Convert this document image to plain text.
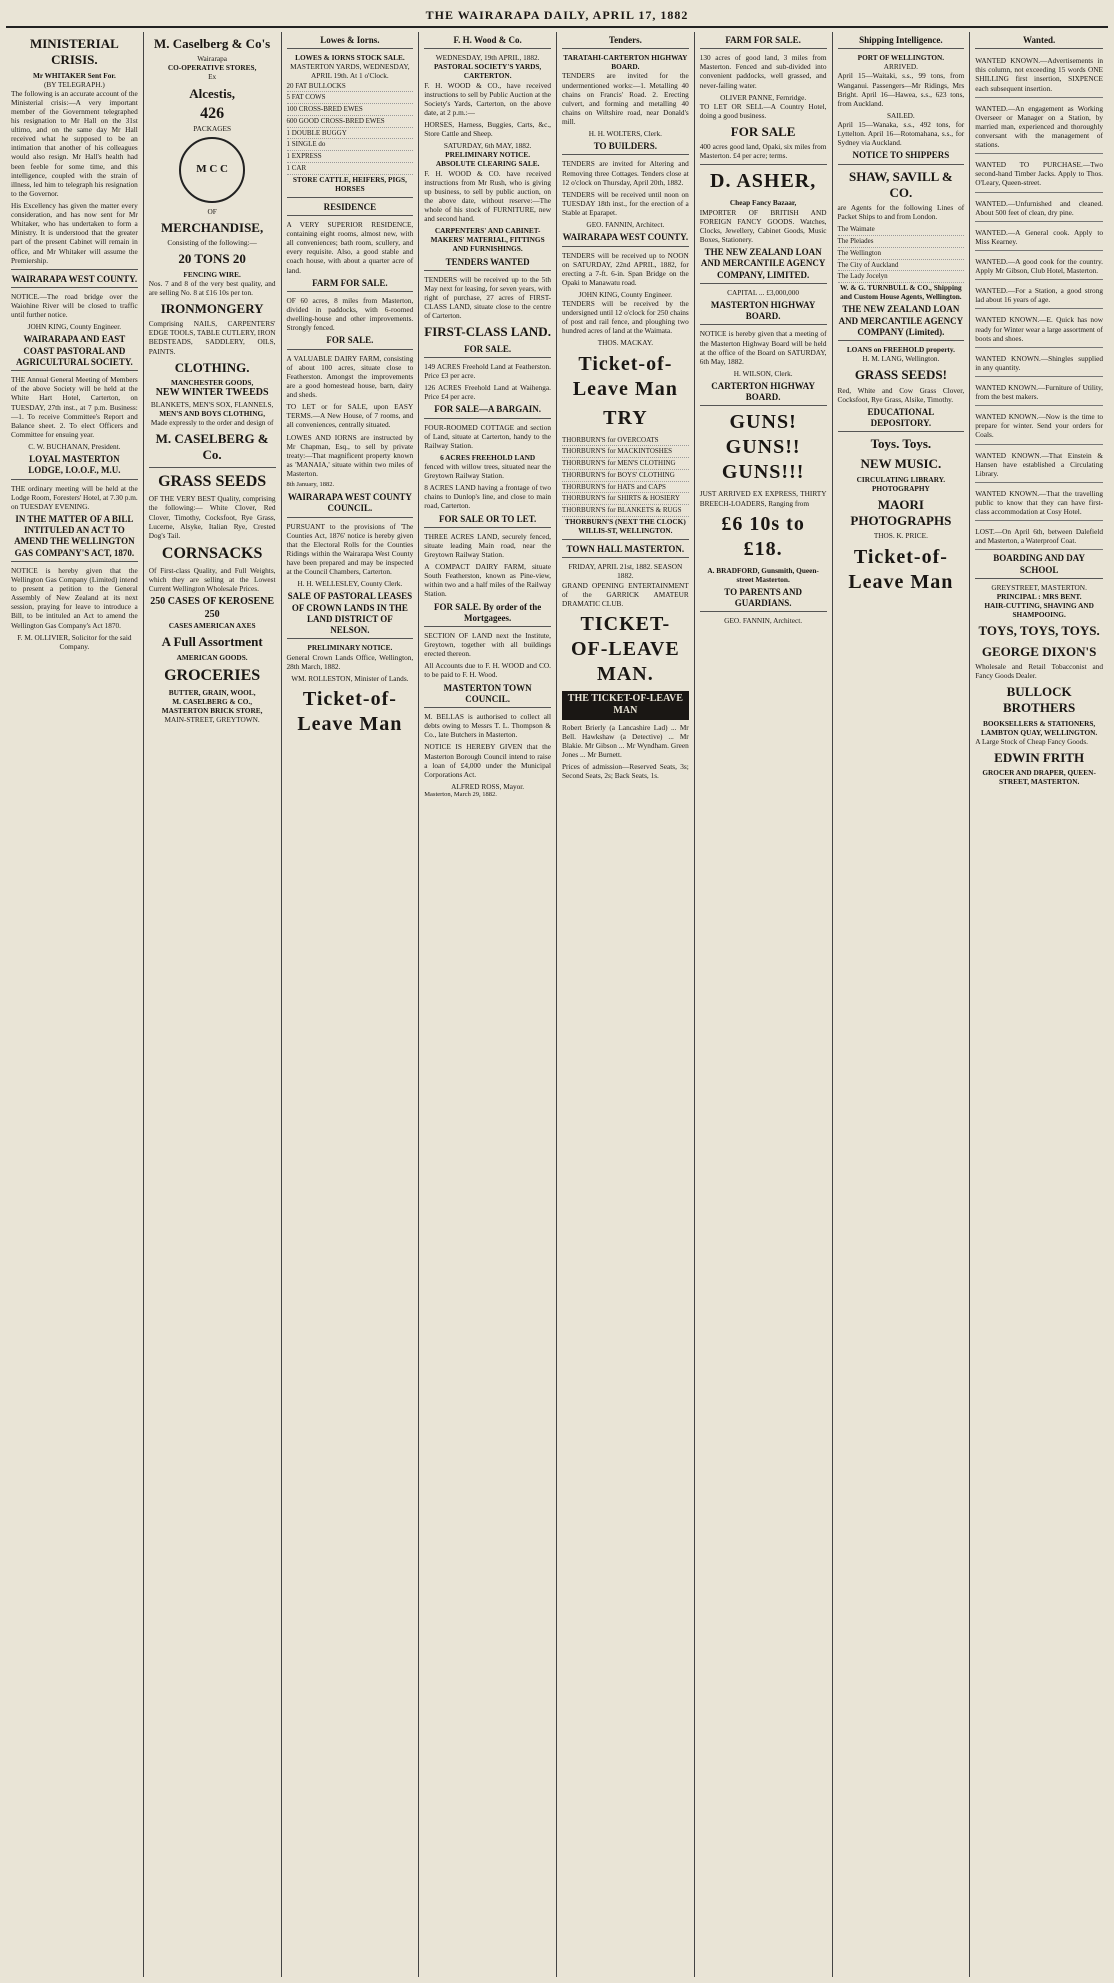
THE WAIRARAPA DAILY, APRIL 17, 1882
MINISTERIAL CRISIS.
Mr WHITAKER Sent For.
(BY TELEGRAPH.)

The following is an accurate account of the Ministerial crisis:—A very important member of the Government telegraphed his resignation to Mr Hall on the 31st ultimo, and on the same day Mr Hall received what he supposed to be an intimation that another of his colleagues would also resign. Mr Hall's health had been feeble for some time, and this intelligence, coupled with the strain of illness, led him to telegraph his resignation to the Governor.

His Excellency has given the matter every consideration, and has now sent for Mr Whitaker, who has undertaken to form a Ministry. It is understood that the greater part of the present Cabinet will remain in office, and Mr Whitaker will assume the Premiership.

WAIRARAPA WEST COUNTY.

NOTICE.—The road bridge over the Waiohine River will be closed to traffic until further notice.

JOHN KING, County Engineer.
WAIRARAPA AND EAST COAST PASTORAL AND AGRICULTURAL SOCIETY.

THE Annual General Meeting of Members of the above Society will be held at the White Hart Hotel, Carterton, on TUESDAY, 27th inst., at 7 p.m. Business:—1. To receive Committee's Report and Balance sheet. 2. To elect Officers and Committee for ensuing year.

C. W. BUCHANAN, President.
LOYAL MASTERTON LODGE, I.O.O.F., M.U.

THE ordinary meeting will be held at the Lodge Room, Foresters' Hotel, at 7.30 p.m. on TUESDAY EVENING.

IN THE MATTER OF A BILL INTITULED AN ACT TO AMEND THE WELLINGTON GAS COMPANY'S ACT, 1870.

NOTICE is hereby given that the Wellington Gas Company (Limited) intend to present a petition to the General Assembly of New Zealand at its next session, praying for leave to introduce a Bill, to be intituled an Act to amend the Wellington Gas Company's Act 1870.

F. M. OLLIVIER, Solicitor for the said Company.
M. Caselberg & Co's
Wairarapa
CO-OPERATIVE STORES,
Ex
Alcestis,
426
PACKAGES
M C C
OF
MERCHANDISE,
Consisting of the following:—
20 TONS 20
FENCING WIRE.

Nos. 7 and 8 of the very best quality, and are selling No. 8 at £16 10s per ton.

IRONMONGERY

Comprising NAILS, CARPENTERS' EDGE TOOLS, TABLE CUTLERY, IRON BEDSTEADS, SADDLERY, OILS, PAINTS.

CLOTHING.
MANCHESTER GOODS,
NEW WINTER TWEEDS
BLANKETS, MEN'S SOX, FLANNELS,
MEN'S AND BOYS CLOTHING,
Made expressly to the order and design of
M. CASELBERG & Co.
GRASS SEEDS

OF THE VERY BEST Quality, comprising the following:— White Clover, Red Clover, Timothy, Cocksfoot, Rye Grass, Lucerne, Alsyke, Italian Rye, Crested Dog's Tail.

CORNSACKS

Of First-class Quality, and Full Weights, which they are selling at the Lowest Current Wellington Wholesale Prices.

250 CASES OF KEROSENE 250
CASES AMERICAN AXES
A Full Assortment
AMERICAN GOODS.
GROCERIES
BUTTER, GRAIN, WOOL,
M. CASELBERG & CO., MASTERTON BRICK STORE,
MAIN-STREET, GREYTOWN.
Lowes & Iorns.
LOWES & IORNS STOCK SALE.
MASTERTON YARDS, WEDNESDAY, APRIL 19th. At 1 o'Clock.
20 FAT BULLOCKS
5 FAT COWS
100 CROSS-BRED EWES
600 GOOD CROSS-BRED EWES
1 DOUBLE BUGGY
1 SINGLE do
1 EXPRESS
1 CAR
STORE CATTLE, HEIFERS, PIGS, HORSES
RESIDENCE

A VERY SUPERIOR RESIDENCE, containing eight rooms, almost new, with all conveniences; bath room, scullery, and every requisite. Also, a good stable and coach house, with about a quarter acre of land.

FARM FOR SALE.

OF 60 acres, 8 miles from Masterton, divided in paddocks, with 6-roomed dwelling-house and other improvements. Strongly fenced.

FOR SALE.

A VALUABLE DAIRY FARM, consisting of about 100 acres, situate close to Featherston. Amongst the improvements are a good homestead house, barn, dairy and sheds.

TO LET or for SALE, upon EASY TERMS.—A New House, of 7 rooms, and all conveniences, centrally situated.

LOWES AND IORNS are instructed by Mr Chapman, Esq., to sell by private treaty:—That magnificent property known as 'MANAIA,' situate within two miles of Masterton.

8th January, 1882.
WAIRARAPA WEST COUNTY COUNCIL.

PURSUANT to the provisions of 'The Counties Act, 1876' notice is hereby given that the Electoral Rolls for the Counties Ridings within the Wairarapa West County have been prepared and may be inspected at the Council Chambers, Carterton.

H. H. WELLESLEY, County Clerk.
SALE OF PASTORAL LEASES OF CROWN LANDS IN THE LAND DISTRICT OF NELSON.
PRELIMINARY NOTICE.

General Crown Lands Office, Wellington, 28th March, 1882.

WM. ROLLESTON, Minister of Lands.
Ticket-of-Leave Man
F. H. Wood & Co.
WEDNESDAY, 19th APRIL, 1882.
PASTORAL SOCIETY'S YARDS, CARTERTON.

F. H. WOOD & CO., have received instructions to sell by Public Auction at the Society's Yards, Carterton, on the above date, at 2 p.m.:—

HORSES, Harness, Buggies, Carts, &c., Store Cattle and Sheep.

SATURDAY, 6th MAY, 1882.
PRELIMINARY NOTICE.
ABSOLUTE CLEARING SALE.

F. H. WOOD & CO. have received instructions from Mr Rush, who is giving up business, to sell by public auction, on the above date, without reserve:—The whole of his stock of FURNITURE, new and second hand.

CARPENTERS' AND CABINET-MAKERS' MATERIAL, FITTINGS AND FURNISHINGS.
TENDERS WANTED

TENDERS will be received up to the 5th May next for leasing, for seven years, with right of purchase, 27 acres of FIRST-CLASS LAND, situate close to the centre of Carterton.

FIRST-CLASS LAND.
FOR SALE.

149 ACRES Freehold Land at Featherston. Price £3 per acre.

126 ACRES Freehold Land at Waihenga. Price £4 per acre.

FOR SALE—A BARGAIN.

FOUR-ROOMED COTTAGE and section of Land, situate at Carterton, handy to the Railway Station.

6 ACRES FREEHOLD LAND

fenced with willow trees, situated near the Greytown Railway Station.

8 ACRES LAND having a frontage of two chains to Dunlop's line, and close to main road, Carterton.

FOR SALE OR TO LET.

THREE ACRES LAND, securely fenced, situate leading Main road, near the Greytown Railway Station.

A COMPACT DAIRY FARM, situate South Featherston, known as Pine-view, within two and a half miles of the Railway Station.

FOR SALE. By order of the Mortgagees.

SECTION OF LAND next the Institute, Greytown, together with all buildings erected thereon.

All Accounts due to F. H. WOOD and CO. to be paid to F. H. Wood.

MASTERTON TOWN COUNCIL.

M. BELLAS is authorised to collect all debts owing to Messrs T. L. Thompson & Co., late Butchers in Masterton.

NOTICE IS HEREBY GIVEN that the Masterton Borough Council intend to raise a loan of £4,000 under the Municipal Corporations Act.

ALFRED ROSS, Mayor.
Masterton, March 29, 1882.
Tenders.
TARATAHI-CARTERTON HIGHWAY BOARD.

TENDERS are invited for the undermentioned works:—1. Metalling 40 chains on Francis' Road. 2. Erecting culvert, and forming and metalling 40 chains on Wiltshire road, near Donald's mill.

H. H. WOLTERS, Clerk.
TO BUILDERS.

TENDERS are invited for Altering and Removing three Cottages. Tenders close at 12 o'clock on Thursday, April 20th, 1882.

TENDERS will be received until noon on TUESDAY 18th inst., for the erection of a Stable at Eparapet.

GEO. FANNIN, Architect.
WAIRARAPA WEST COUNTY.

TENDERS will be received up to NOON on SATURDAY, 22nd APRIL, 1882, for erecting a 7-ft. 6-in. Span Bridge on the Opaki to Manawatu road.

JOHN KING, County Engineer.

TENDERS will be received by the undersigned until 12 o'clock for 250 chains of post and rail fence, and ploughing two hundred acres of land at the Waimata.

THOS. MACKAY.
Ticket-of-Leave Man
TRY
THORBURN'S for OVERCOATS
THORBURN'S for MACKINTOSHES
THORBURN'S for MEN'S CLOTHING
THORBURN'S for BOYS' CLOTHING
THORBURN'S for HATS and CAPS
THORBURN'S for SHIRTS & HOSIERY
THORBURN'S for BLANKETS & RUGS
THORBURN'S (NEXT THE CLOCK) WILLIS-ST, WELLINGTON.
TOWN HALL MASTERTON.
FRIDAY, APRIL 21st, 1882. SEASON 1882.

GRAND OPENING ENTERTAINMENT of the GARRICK AMATEUR DRAMATIC CLUB.

TICKET-OF-LEAVE MAN.
THE TICKET-OF-LEAVE MAN

Robert Brierly (a Lancashire Lad) ... Mr Bell. Hawkshaw (a Detective) ... Mr Blakie. Mr Gibson ... Mr Wyndham. Green Jones ... Mr Burnett.

Prices of admission—Reserved Seats, 3s; Second Seats, 2s; Back Seats, 1s.

FARM FOR SALE.

130 acres of good land, 3 miles from Masterton. Fenced and sub-divided into convenient paddocks, well grassed, and never-failing water.

OLIVER PANNE, Fernridge.

TO LET OR SELL—A Country Hotel, doing a good business.

FOR SALE

400 acres good land, Opaki, six miles from Masterton. £4 per acre; terms.

D. ASHER,
Cheap Fancy Bazaar,

IMPORTER OF BRITISH AND FOREIGN FANCY GOODS. Watches, Clocks, Jewellery, Cabinet Goods, Music Boxes, Stationery.

THE NEW ZEALAND LOAN AND MERCANTILE AGENCY COMPANY, LIMITED.
CAPITAL ... £3,000,000
MASTERTON HIGHWAY BOARD.

NOTICE is hereby given that a meeting of the Masterton Highway Board will be held at the office of the Board on SATURDAY, 6th May, 1882.

H. WILSON, Clerk.
CARTERTON HIGHWAY BOARD.
GUNS! GUNS!! GUNS!!!

JUST ARRIVED EX EXPRESS, THIRTY BREECH-LOADERS, Ranging from

£6 10s to £18.
A. BRADFORD, Gunsmith, Queen-street Masterton.
TO PARENTS AND GUARDIANS.
GEO. FANNIN, Architect.
Shipping Intelligence.
PORT OF WELLINGTON.
ARRIVED.

April 15—Waitaki, s.s., 99 tons, from Wanganui. Passengers—Mr Ridings, Mrs Bright. April 16—Hawea, s.s., 623 tons, from Auckland.

SAILED.

April 15—Wanaka, s.s., 492 tons, for Lyttelton. April 16—Rotomahana, s.s., for Sydney via Auckland.

NOTICE TO SHIPPERS
SHAW, SAVILL & CO.

are Agents for the following Lines of Packet Ships to and from London.

The Waimate
The Pleiades
The Wellington
The City of Auckland
The Lady Jocelyn
W. & G. TURNBULL & CO., Shipping and Custom House Agents, Wellington.
THE NEW ZEALAND LOAN AND MERCANTILE AGENCY COMPANY (Limited).
LOANS on FREEHOLD property.
H. M. LANG, Wellington.
GRASS SEEDS!

Red, White and Cow Grass Clover, Cocksfoot, Rye Grass, Alsike, Timothy.

EDUCATIONAL DEPOSITORY.
Toys. Toys.
NEW MUSIC.
CIRCULATING LIBRARY.
PHOTOGRAPHY
MAORI PHOTOGRAPHS
THOS. K. PRICE.
Ticket-of-Leave Man
Wanted.

WANTED KNOWN.—Advertisements in this column, not exceeding 15 words ONE SHILLING first insertion, SIXPENCE each subsequent insertion.

WANTED.—An engagement as Working Overseer or Manager on a Station, by married man, experienced and thoroughly conversant with the management of stations.

WANTED TO PURCHASE.—Two second-hand Timber Jacks. Apply to Thos. O'Leary, Queen-street.

WANTED.—Unfurnished and cleaned. About 500 feet of clean, dry pine.

WANTED.—A General cook. Apply to Miss Kearney.

WANTED.—A good cook for the country. Apply Mr Gibson, Club Hotel, Masterton.

WANTED.—For a Station, a good strong lad about 16 years of age.

WANTED KNOWN.—E. Quick has now ready for Winter wear a large assortment of boots and shoes.

WANTED KNOWN.—Shingles supplied in any quantity.

WANTED KNOWN.—Furniture of Utility, from the best makers.

WANTED KNOWN.—Now is the time to prepare for winter. Send your orders for Coals.

WANTED KNOWN.—That Einstein & Hansen have established a Circulating Library.

WANTED KNOWN.—That the travelling public to know that they can have first-class accommodation at Cosy Hotel.

LOST.—On April 6th, between Dalefield and Masterton, a Waterproof Coat.

BOARDING AND DAY SCHOOL
GREYSTREET, MASTERTON.
PRINCIPAL : MRS BENT.
HAIR-CUTTING, SHAVING AND SHAMPOOING.
TOYS, TOYS, TOYS.
GEORGE DIXON'S

Wholesale and Retail Tobacconist and Fancy Goods Dealer.

BULLOCK BROTHERS
BOOKSELLERS & STATIONERS, LAMBTON QUAY, WELLINGTON.

A Large Stock of Cheap Fancy Goods.

EDWIN FRITH
GROCER AND DRAPER, QUEEN-STREET, MASTERTON.
